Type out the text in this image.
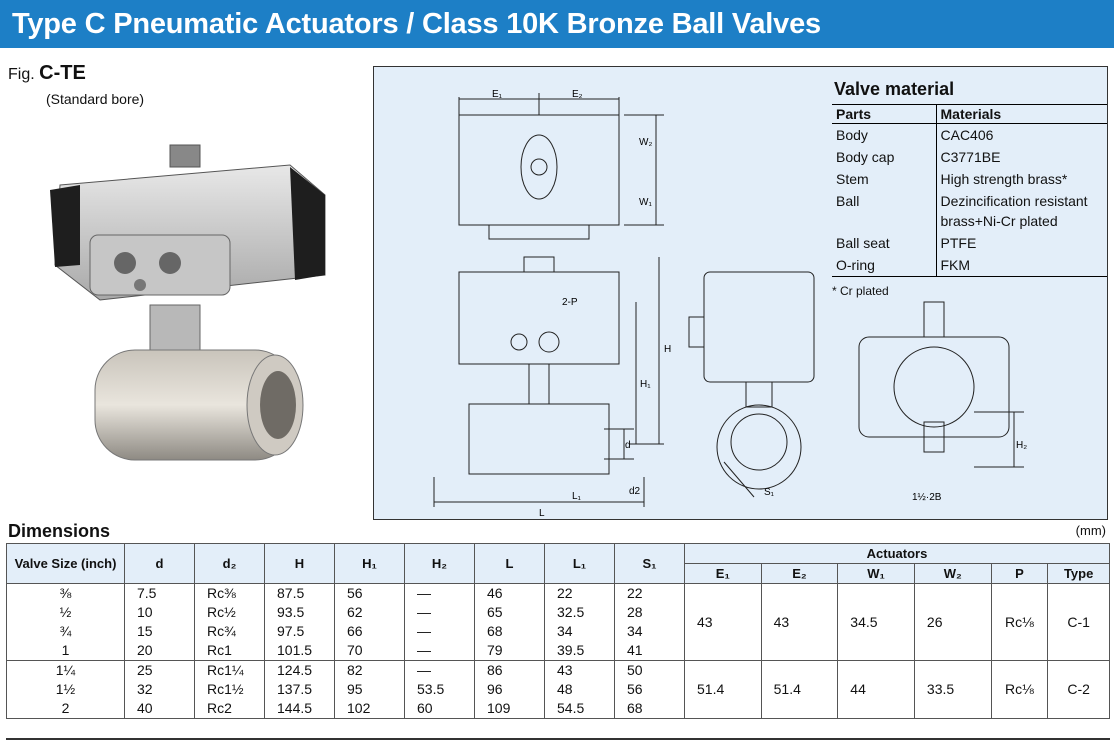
Type C Pneumatic Actuators / Class 10K Bronze Ball Valves
Fig. C-TE
(Standard bore)	E₁	E₂
W₂
W₁
2-P
H
H₁
d
d2
L₁
L
S₁
H₂
1½·2B
Valve material
Parts	Materials
Body	CAC406
Body cap	C3771BE
Stem	High strength brass*
Ball	Dezincification resistant brass+Ni-Cr plated
Ball seat	PTFE
O-ring	FKM
* Cr plated
Dimensions	(mm)
Valve Size (inch)	d	d₂	H	H₁	H₂	L	L₁	S₁	Actuators					
									E₁	E₂	W₁	W₂	P	Type
⅜	7.5	Rc⅜	87.5	56	—	46	22	22	43	43	34.5	26	Rc⅛	C-1
½	10	Rc½	93.5	62	—	65	32.5	28						
¾	15	Rc¾	97.5	66	—	68	34	34						
1	20	Rc1	101.5	70	—	79	39.5	41						
1¼	25	Rc1¼	124.5	82	—	86	43	50	51.4	51.4	44	33.5	Rc⅛	C-2
1½	32	Rc1½	137.5	95	53.5	96	48	56						
2	40	Rc2	144.5	102	60	109	54.5	68						
